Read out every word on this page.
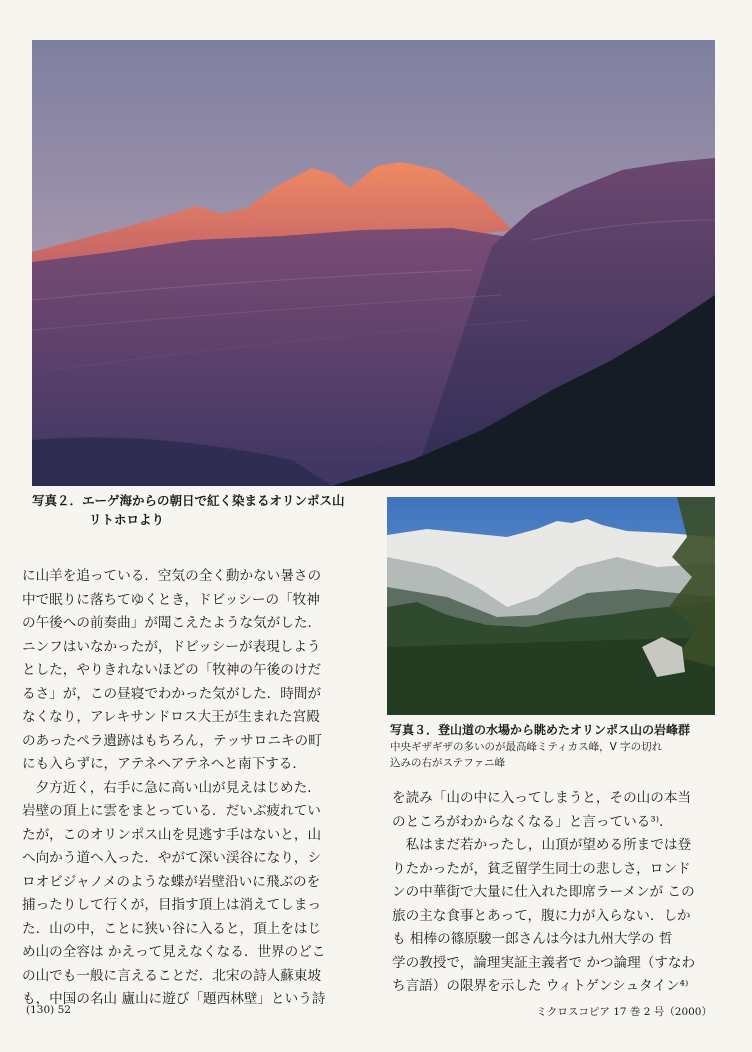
写真２．エーゲ海からの朝日で紅く染まるオリンポス山
リトホロより
写真３．登山道の水場から眺めたオリンポス山の岩峰群
中央ギザギザの多いのが最高峰ミティカス峰，V 字の切れ
込みの右がステファニ峰

に山羊を追っている．空気の全く動かない暑さの

中で眠りに落ちてゆくとき，ドビッシーの「牧神

の午後への前奏曲」が聞こえたような気がした．

ニンフはいなかったが，ドビッシーが表現しよう

とした，やりきれないほどの「牧神の午後のけだ

るさ」が，この昼寝でわかった気がした．時間が

なくなり，アレキサンドロス大王が生まれた宮殿

のあったペラ遺跡はもちろん，テッサロニキの町

にも入らずに，アテネへアテネへと南下する．

　夕方近く，右手に急に高い山が見えはじめた．

岩壁の頂上に雲をまとっている．だいぶ疲れてい

たが，このオリンポス山を見逃す手はないと，山

へ向かう道へ入った．やがて深い渓谷になり，シ

ロオビジャノメのような蝶が岩壁沿いに飛ぶのを

捕ったりして行くが，目指す頂上は消えてしまっ

た．山の中，ことに狭い谷に入ると，頂上をはじ

め山の全容は かえって見えなくなる．世界のどこ

の山でも一般に言えることだ．北宋の詩人蘇東坡

も，中国の名山 廬山に遊び「題西林壁」という詩

を読み「山の中に入ってしまうと，その山の本当

のところがわからなくなる」と言っている³⁾．

　私はまだ若かったし，山頂が望める所までは登

りたかったが，貧乏留学生同士の悲しさ，ロンド

ンの中華街で大量に仕入れた即席ラーメンが この

旅の主な食事とあって，腹に力が入らない．しか

も 相棒の篠原駿一郎さんは今は九州大学の 哲

学の教授で，論理実証主義者で かつ論理（すなわ

ち言語）の限界を示した ウィトゲンシュタイン⁴⁾

(130) 52	ミクロスコピア 17 巻 2 号（2000）
